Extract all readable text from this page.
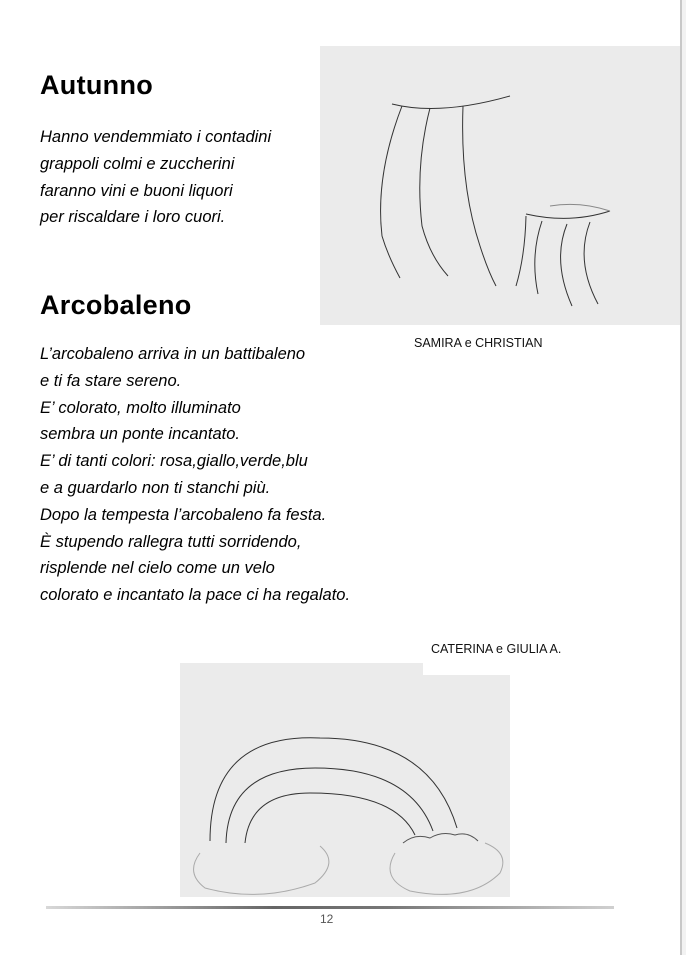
Autunno
Hanno vendemmiato i contadini
grappoli colmi e zuccherini
faranno vini e buoni liquori
per riscaldare i loro cuori.
SAMIRA e CHRISTIAN
Arcobaleno
L’arcobaleno arriva in un battibaleno
e ti fa stare sereno.
E’ colorato, molto illuminato
sembra un ponte incantato.
E’ di tanti colori: rosa,giallo,verde,blu
e a guardarlo non ti stanchi più.
Dopo la tempesta l’arcobaleno fa festa.
È stupendo rallegra tutti sorridendo,
risplende nel cielo come un velo
colorato e incantato la pace ci ha regalato.
CATERINA e GIULIA A.
12
